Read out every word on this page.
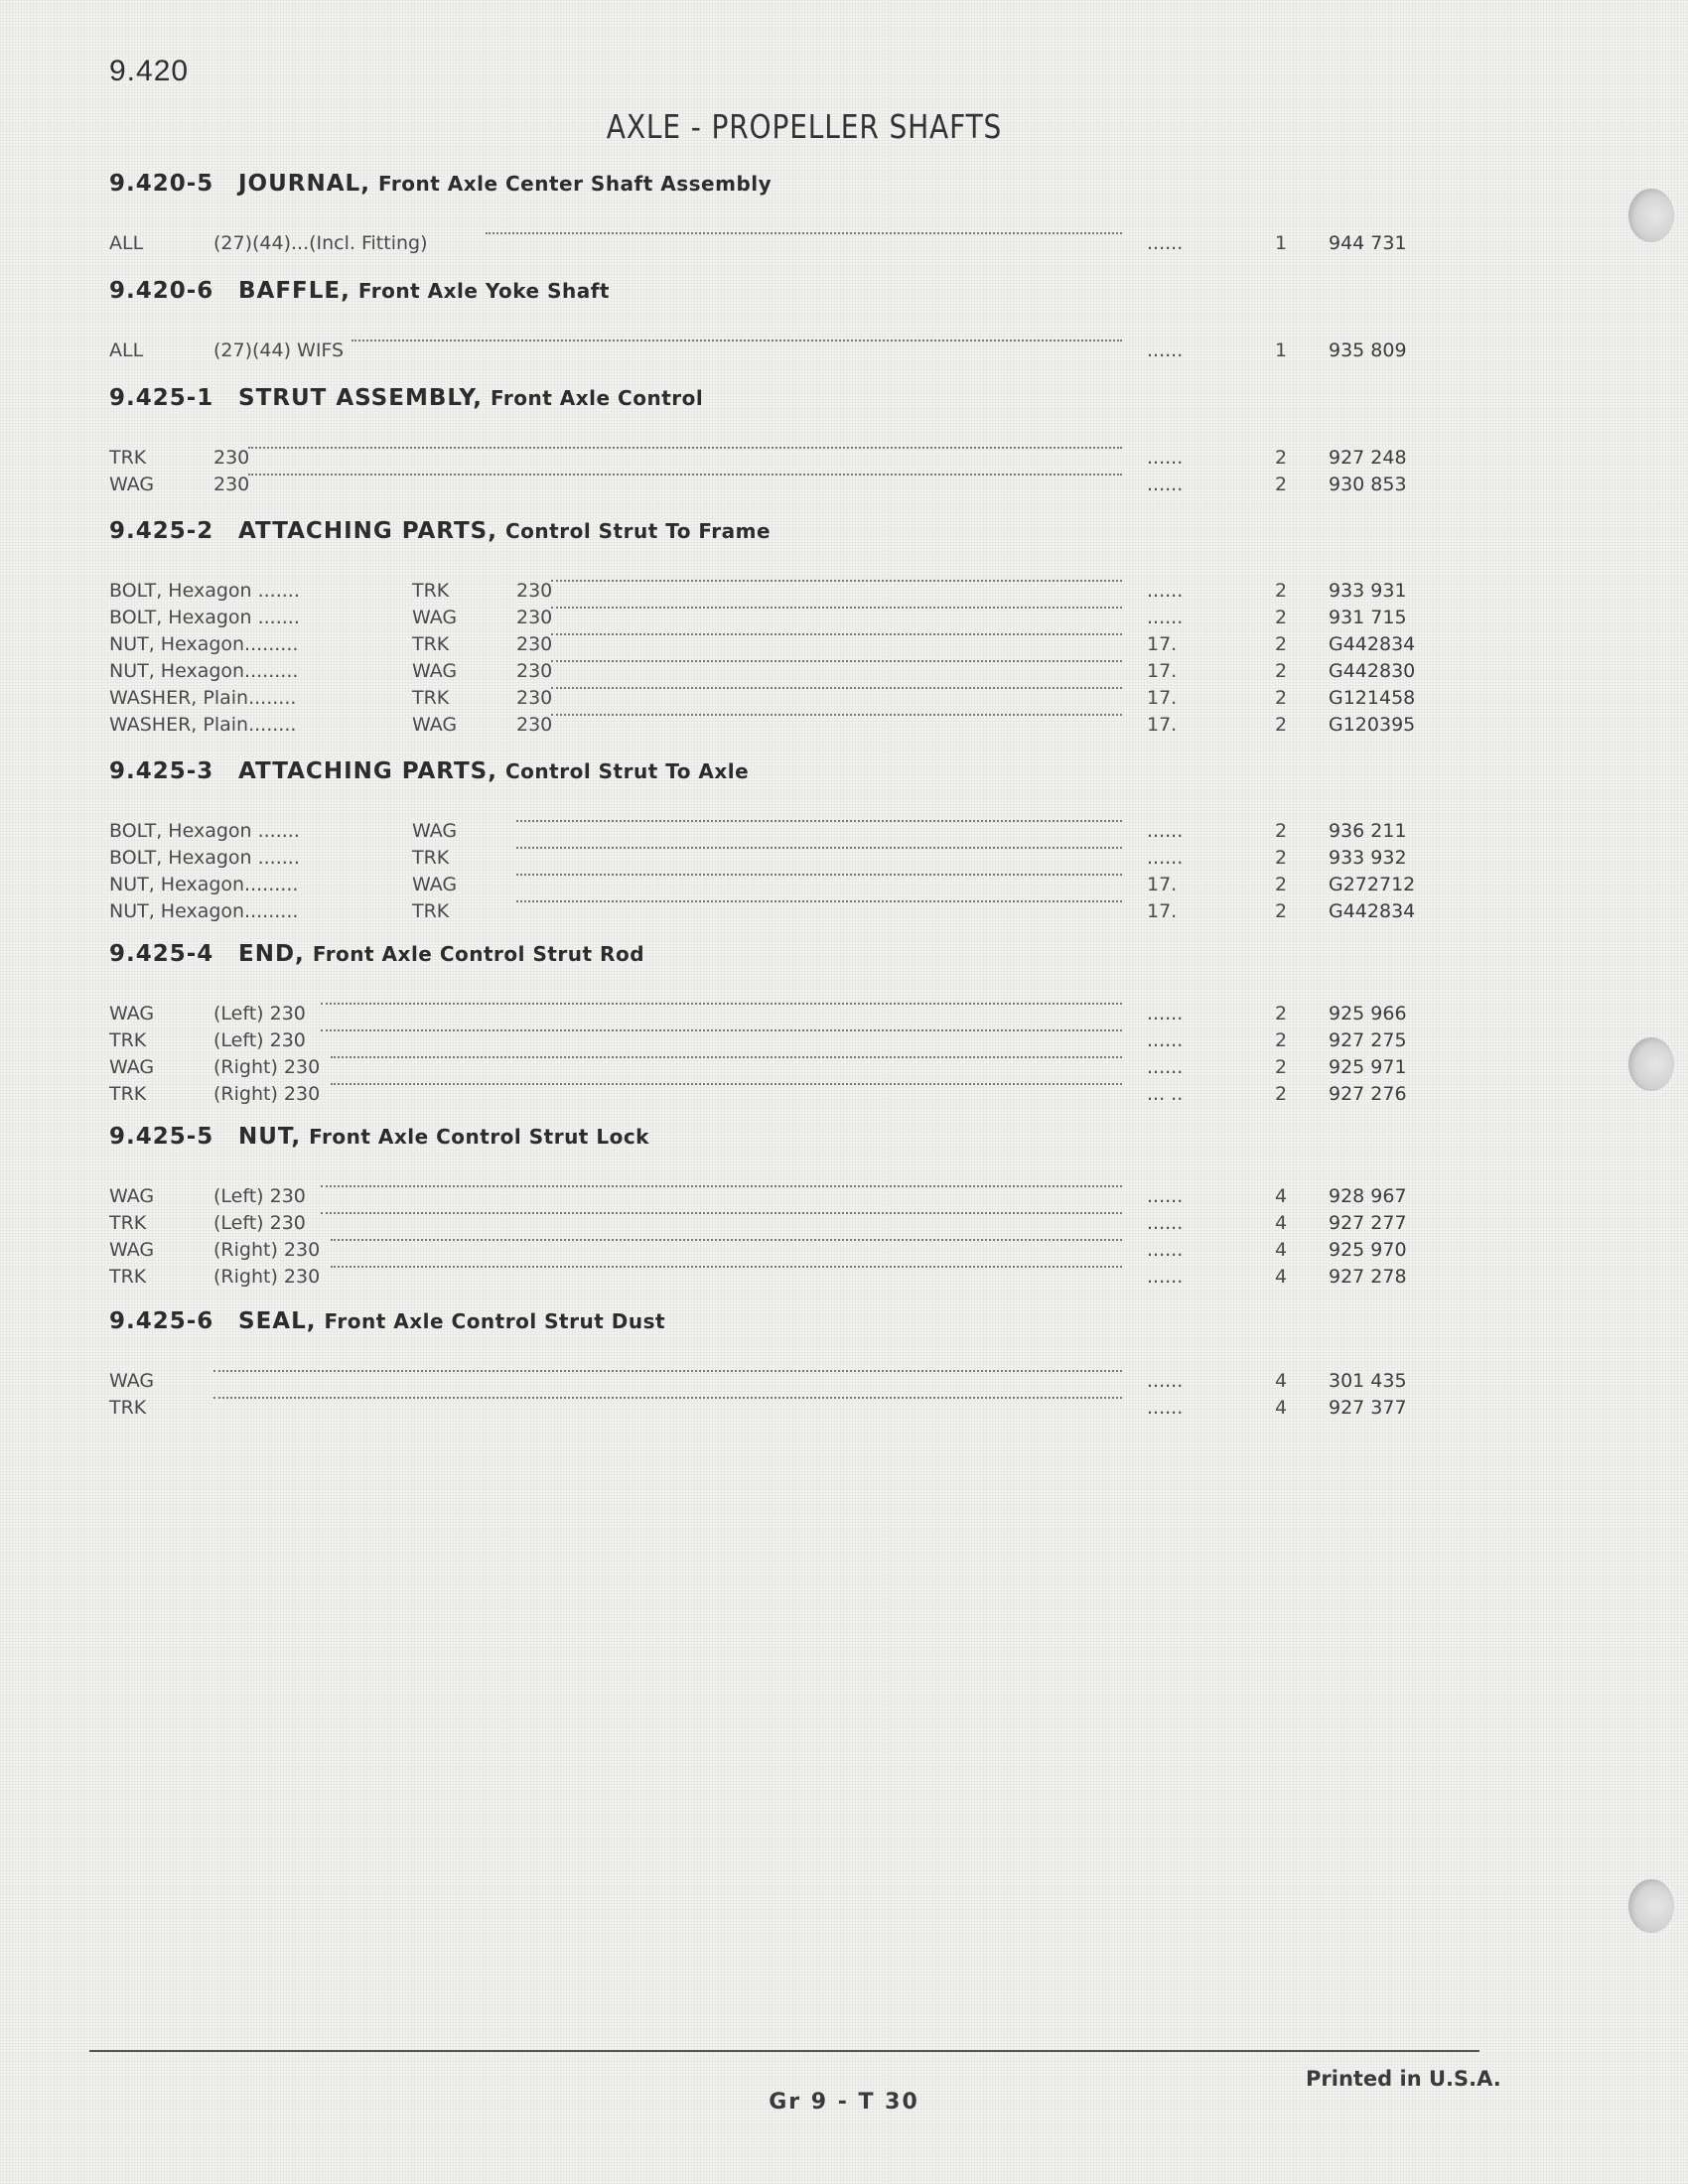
9.420
AXLE - PROPELLER SHAFTS
9.420-5 JOURNAL, Front Axle Center Shaft Assembly
ALL	(27)(44)...(Incl. Fitting)	......	1	944 731
9.420-6 BAFFLE, Front Axle Yoke Shaft
ALL	(27)(44) WIFS	......	1	935 809
9.425-1 STRUT ASSEMBLY, Front Axle Control
TRK	230	......	2	927 248
WAG	230	......	2	930 853
9.425-2 ATTACHING PARTS, Control Strut To Frame
BOLT, Hexagon .......	TRK	230	......	2	933 931
BOLT, Hexagon .......	WAG	230	......	2	931 715
NUT, Hexagon.........	TRK	230	17.	2	G442834
NUT, Hexagon.........	WAG	230	17.	2	G442830
WASHER, Plain........	TRK	230	17.	2	G121458
WASHER, Plain........	WAG	230	17.	2	G120395
9.425-3 ATTACHING PARTS, Control Strut To Axle
BOLT, Hexagon .......	WAG	......	2	936 211
BOLT, Hexagon .......	TRK	......	2	933 932
NUT, Hexagon.........	WAG	17.	2	G272712
NUT, Hexagon.........	TRK	17.	2	G442834
9.425-4 END, Front Axle Control Strut Rod
WAG	(Left) 230	......	2	925 966
TRK	(Left) 230	......	2	927 275
WAG	(Right) 230	......	2	925 971
TRK	(Right) 230	... ..	2	927 276
9.425-5 NUT, Front Axle Control Strut Lock
WAG	(Left) 230	......	4	928 967
TRK	(Left) 230	......	4	927 277
WAG	(Right) 230	......	4	925 970
TRK	(Right) 230	......	4	927 278
9.425-6 SEAL, Front Axle Control Strut Dust
WAG	......	4	301 435
TRK	......	4	927 377
Gr 9 - T 30
Printed in U.S.A.
